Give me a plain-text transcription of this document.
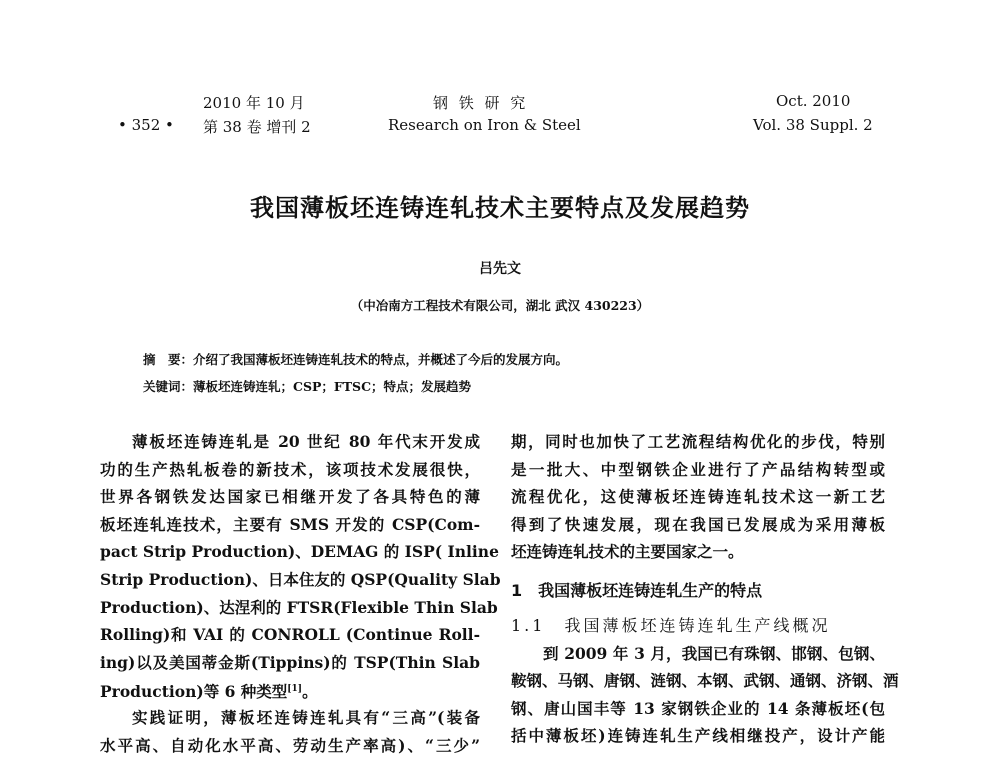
• 352 •
2010 年 10 月
第 38 卷 增刊 2
钢 铁 研 究
Research on Iron & Steel
Oct. 2010
Vol. 38 Suppl. 2
我国薄板坯连铸连轧技术主要特点及发展趋势
吕先文
（中冶南方工程技术有限公司，湖北 武汉 430223）
摘　要：介绍了我国薄板坯连铸连轧技术的特点，并概述了今后的发展方向。
关键词：薄板坯连铸连轧；CSP；FTSC；特点；发展趋势
薄板坯连铸连轧是 20 世纪 80 年代末开发成
功的生产热轧板卷的新技术，该项技术发展很快，
世界各钢铁发达国家已相继开发了各具特色的薄
板坯连轧连技术，主要有 SMS 开发的 CSP(Com-
pact Strip Production)、DEMAG 的 ISP( Inline
Strip Production)、日本住友的 QSP(Quality Slab
Production)、达涅利的 FTSR(Flexible Thin Slab
Rolling)和 VAI 的 CONROLL (Continue Roll-
ing)以及美国蒂金斯(Tippins)的 TSP(Thin Slab
Production)等 6 种类型[1]。
实践证明，薄板坯连铸连轧具有“三高”(装备
水平高、自动化水平高、劳动生产率高)、“三少”
期，同时也加快了工艺流程结构优化的步伐，特别
是一批大、中型钢铁企业进行了产品结构转型或
流程优化，这使薄板坯连铸连轧技术这一新工艺
得到了快速发展，现在我国已发展成为采用薄板
坯连铸连轧技术的主要国家之一。
1　我国薄板坯连铸连轧生产的特点
1.1　我国薄板坯连铸连轧生产线概况
到 2009 年 3 月，我国已有珠钢、邯钢、包钢、
鞍钢、马钢、唐钢、涟钢、本钢、武钢、通钢、济钢、酒
钢、唐山国丰等 13 家钢铁企业的 14 条薄板坯(包
括中薄板坯)连铸连轧生产线相继投产，设计产能
